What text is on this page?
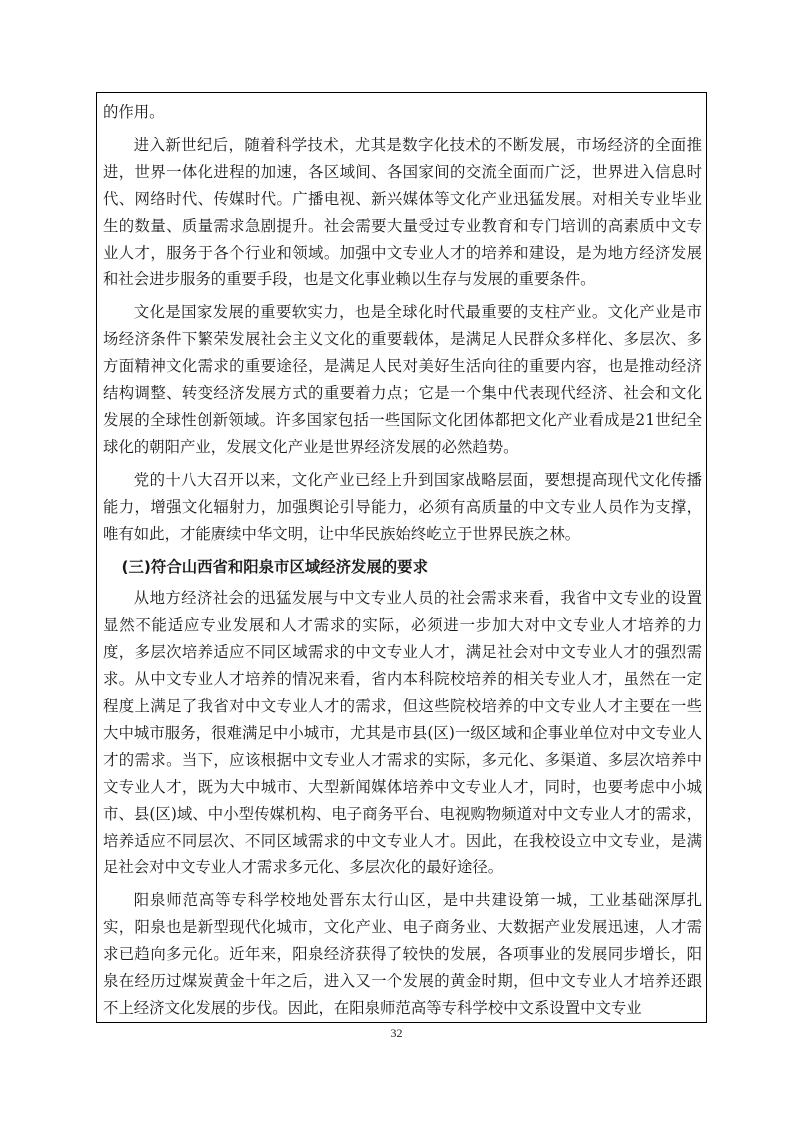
的作用。

进入新世纪后，随着科学技术，尤其是数字化技术的不断发展，市场经济的全面推进，世界一体化进程的加速，各区域间、各国家间的交流全面而广泛，世界进入信息时代、网络时代、传媒时代。广播电视、新兴媒体等文化产业迅猛发展。对相关专业毕业生的数量、质量需求急剧提升。社会需要大量受过专业教育和专门培训的高素质中文专业人才，服务于各个行业和领域。加强中文专业人才的培养和建设，是为地方经济发展和社会进步服务的重要手段，也是文化事业赖以生存与发展的重要条件。

文化是国家发展的重要软实力，也是全球化时代最重要的支柱产业。文化产业是市场经济条件下繁荣发展社会主义文化的重要载体，是满足人民群众多样化、多层次、多方面精神文化需求的重要途径，是满足人民对美好生活向往的重要内容，也是推动经济结构调整、转变经济发展方式的重要着力点；它是一个集中代表现代经济、社会和文化发展的全球性创新领域。许多国家包括一些国际文化团体都把文化产业看成是21世纪全球化的朝阳产业，发展文化产业是世界经济发展的必然趋势。

党的十八大召开以来，文化产业已经上升到国家战略层面，要想提高现代文化传播能力，增强文化辐射力，加强舆论引导能力，必须有高质量的中文专业人员作为支撑，唯有如此，才能赓续中华文明，让中华民族始终屹立于世界民族之林。

(三)符合山西省和阳泉市区域经济发展的要求

从地方经济社会的迅猛发展与中文专业人员的社会需求来看，我省中文专业的设置显然不能适应专业发展和人才需求的实际，必须进一步加大对中文专业人才培养的力度，多层次培养适应不同区域需求的中文专业人才，满足社会对中文专业人才的强烈需求。从中文专业人才培养的情况来看，省内本科院校培养的相关专业人才，虽然在一定程度上满足了我省对中文专业人才的需求，但这些院校培养的中文专业人才主要在一些大中城市服务，很难满足中小城市，尤其是市县(区)一级区域和企事业单位对中文专业人才的需求。当下，应该根据中文专业人才需求的实际，多元化、多渠道、多层次培养中文专业人才，既为大中城市、大型新闻媒体培养中文专业人才，同时，也要考虑中小城市、县(区)域、中小型传媒机构、电子商务平台、电视购物频道对中文专业人才的需求，培养适应不同层次、不同区域需求的中文专业人才。因此，在我校设立中文专业，是满足社会对中文专业人才需求多元化、多层次化的最好途径。

阳泉师范高等专科学校地处晋东太行山区，是中共建设第一城，工业基础深厚扎实，阳泉也是新型现代化城市，文化产业、电子商务业、大数据产业发展迅速，人才需求已趋向多元化。近年来，阳泉经济获得了较快的发展，各项事业的发展同步增长，阳泉在经历过煤炭黄金十年之后，进入又一个发展的黄金时期，但中文专业人才培养还跟不上经济文化发展的步伐。因此，在阳泉师范高等专科学校中文系设置中文专业

32
